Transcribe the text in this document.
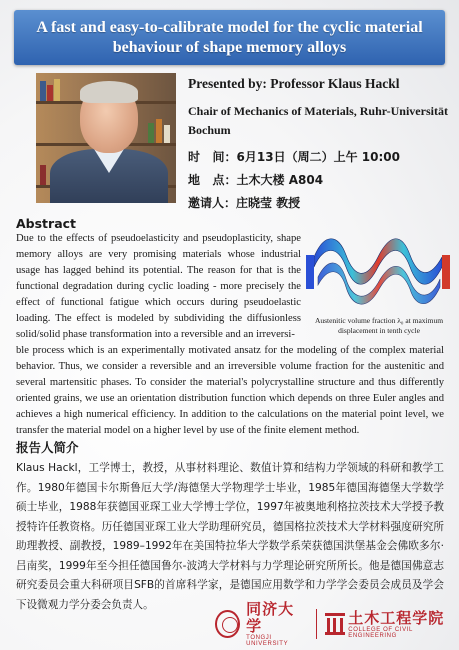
A fast and easy-to-calibrate model for the cyclic material behaviour of shape memory alloys
Presented by: Professor Klaus Hackl
Chair of Mechanics of Materials, Ruhr-Universität Bochum
时   间：6月13日（周二）上午 10:00
地   点：土木大楼 A804
邀请人：庄晓莹 教授
Abstract
Due to the effects of pseudoelasticity and pseudoplasticity, shape memory alloys are very promising materials whose industrial usage has lagged behind its potential. The reason for that is the functional degradation during cyclic loading - more precisely the effect of functional fatigue which occurs during pseudoelastic loading. The effect is modeled by subdividing the diffusionless solid/solid phase transformation into a reversible and an irreversi-
Austenitic volume fraction λ₀ at maximum displacement in tenth cycle
ble process which is an experimentally motivated ansatz for the modeling of the complex material behavior. Thus, we consider a reversible and an irreversible volume fraction for the austenitic and several martensitic phases. To consider the material's polycrystalline structure and thus differently oriented grains, we use an orientation distribution function which depends on three Euler angles and achieves a high numerical efficiency. In addition to the calculations on the material point level, we transfer the material model on a higher level by use of the finite element method.
报告人简介
Klaus Hackl，工学博士，教授，从事材料理论、数值计算和结构力学领域的科研和教学工作。1980年德国卡尔斯鲁厄大学/海德堡大学物理学士毕业，1985年德国海德堡大学数学硕士毕业，1988年获德国亚琛工业大学博士学位，1997年被奥地利格拉茨技术大学授予教授特许任教资格。历任德国亚琛工业大学助理研究员，德国格拉茨技术大学材料强度研究所助理教授、副教授，1989–1992年在美国特拉华大学数学系荣获德国洪堡基金会佛欧多尔·吕南奖，1999年至今担任德国鲁尔-波鸿大学材料与力学理论研究所所长。他是德国佛意志研究委员会重大科研项目SFB的首席科学家，是德国应用数学和力学学会委员会成员及学会下设微观力学分委会负责人。	同济大学
TONGJI UNIVERSITY
土木工程学院
COLLEGE OF CIVIL ENGINEERING
